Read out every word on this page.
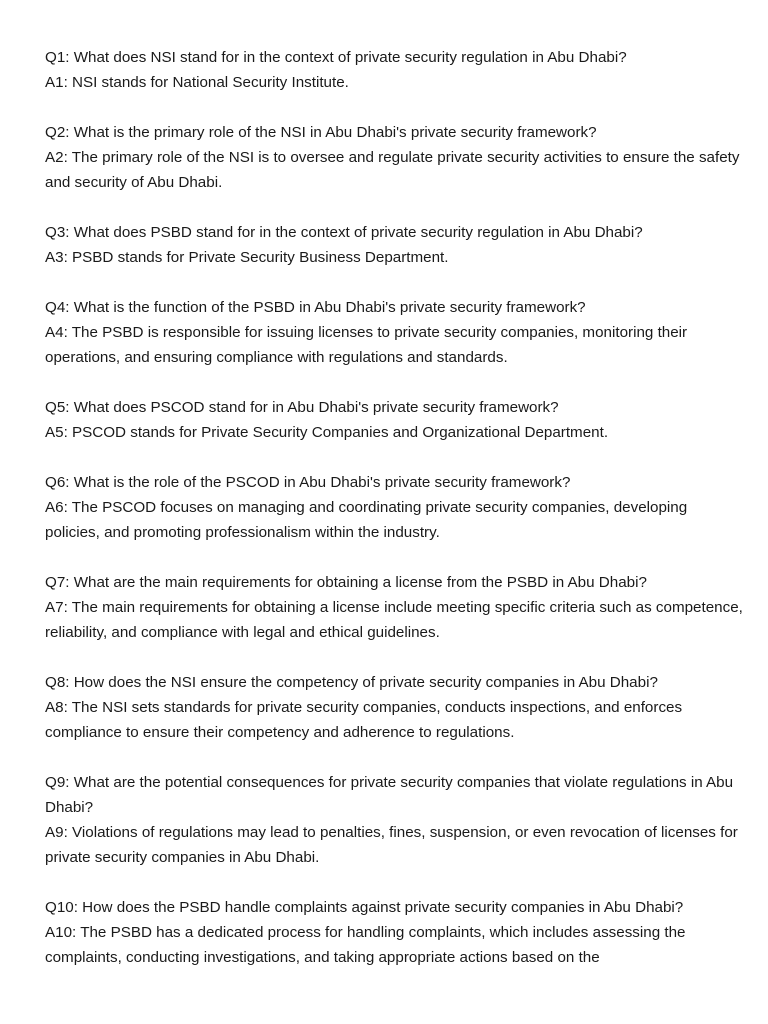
Q1: What does NSI stand for in the context of private security regulation in Abu Dhabi?

A1: NSI stands for National Security Institute.

Q2: What is the primary role of the NSI in Abu Dhabi's private security framework?

A2: The primary role of the NSI is to oversee and regulate private security activities to ensure the safety and security of Abu Dhabi.

Q3: What does PSBD stand for in the context of private security regulation in Abu Dhabi?

A3: PSBD stands for Private Security Business Department.

Q4: What is the function of the PSBD in Abu Dhabi's private security framework?

A4: The PSBD is responsible for issuing licenses to private security companies, monitoring their operations, and ensuring compliance with regulations and standards.

Q5: What does PSCOD stand for in Abu Dhabi's private security framework?

A5: PSCOD stands for Private Security Companies and Organizational Department.

Q6: What is the role of the PSCOD in Abu Dhabi's private security framework?

A6: The PSCOD focuses on managing and coordinating private security companies, developing policies, and promoting professionalism within the industry.

Q7: What are the main requirements for obtaining a license from the PSBD in Abu Dhabi?

A7: The main requirements for obtaining a license include meeting specific criteria such as competence, reliability, and compliance with legal and ethical guidelines.

Q8: How does the NSI ensure the competency of private security companies in Abu Dhabi?

A8: The NSI sets standards for private security companies, conducts inspections, and enforces compliance to ensure their competency and adherence to regulations.

Q9: What are the potential consequences for private security companies that violate regulations in Abu Dhabi?

A9: Violations of regulations may lead to penalties, fines, suspension, or even revocation of licenses for private security companies in Abu Dhabi.

Q10: How does the PSBD handle complaints against private security companies in Abu Dhabi?

A10: The PSBD has a dedicated process for handling complaints, which includes assessing the complaints, conducting investigations, and taking appropriate actions based on the
